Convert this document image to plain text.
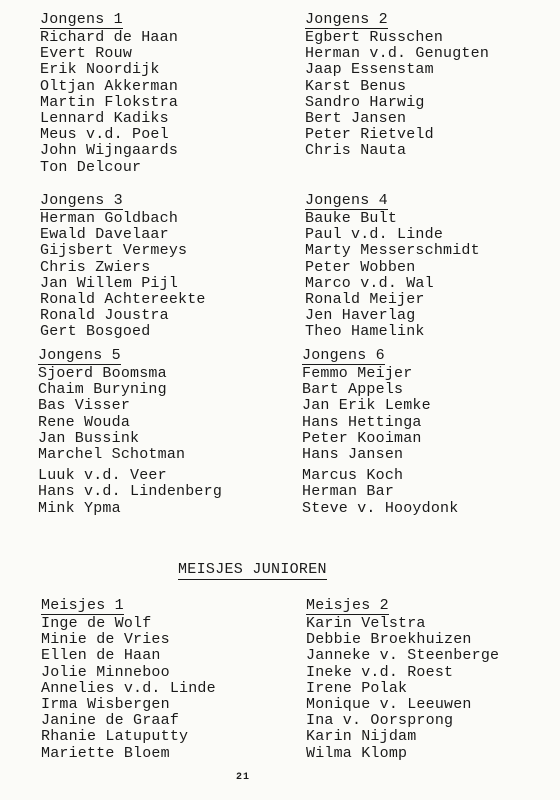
Jongens 1
Richard de Haan
Evert Rouw
Erik Noordijk
Oltjan Akkerman
Martin Flokstra
Lennard Kadiks
Meus v.d. Poel
John Wijngaards
Ton Delcour
Jongens 2
Egbert Russchen
Herman v.d. Genugten
Jaap Essenstam
Karst Benus
Sandro Harwig
Bert Jansen
Peter Rietveld
Chris Nauta
Jongens 3
Herman Goldbach
Ewald Davelaar
Gijsbert Vermeys
Chris Zwiers
Jan Willem Pijl
Ronald Achtereekte
Ronald Joustra
Gert Bosgoed
Jongens 4
Bauke Bult
Paul v.d. Linde
Marty Messerschmidt
Peter Wobben
Marco v.d. Wal
Ronald Meijer
Jen Haverlag
Theo Hamelink
Jongens 5
Sjoerd Boomsma
Chaim Buryning
Bas Visser
Rene Wouda
Jan Bussink
Marchel Schotman
Luuk v.d. Veer
Hans v.d. Lindenberg
Mink Ypma
Jongens 6
Femmo Meijer
Bart Appels
Jan Erik Lemke
Hans Hettinga
Peter Kooiman
Hans Jansen
Marcus Koch
Herman Bar
Steve v. Hooydonk
MEISJES JUNIOREN
Meisjes 1
Inge de Wolf
Minie de Vries
Ellen de Haan
Jolie Minneboo
Annelies v.d. Linde
Irma Wisbergen
Janine de Graaf
Rhanie Latuputty
Mariette Bloem
Meisjes 2
Karin Velstra
Debbie Broekhuizen
Janneke v. Steenberge
Ineke v.d. Roest
Irene Polak
Monique v. Leeuwen
Ina v. Oorsprong
Karin Nijdam
Wilma Klomp
21
